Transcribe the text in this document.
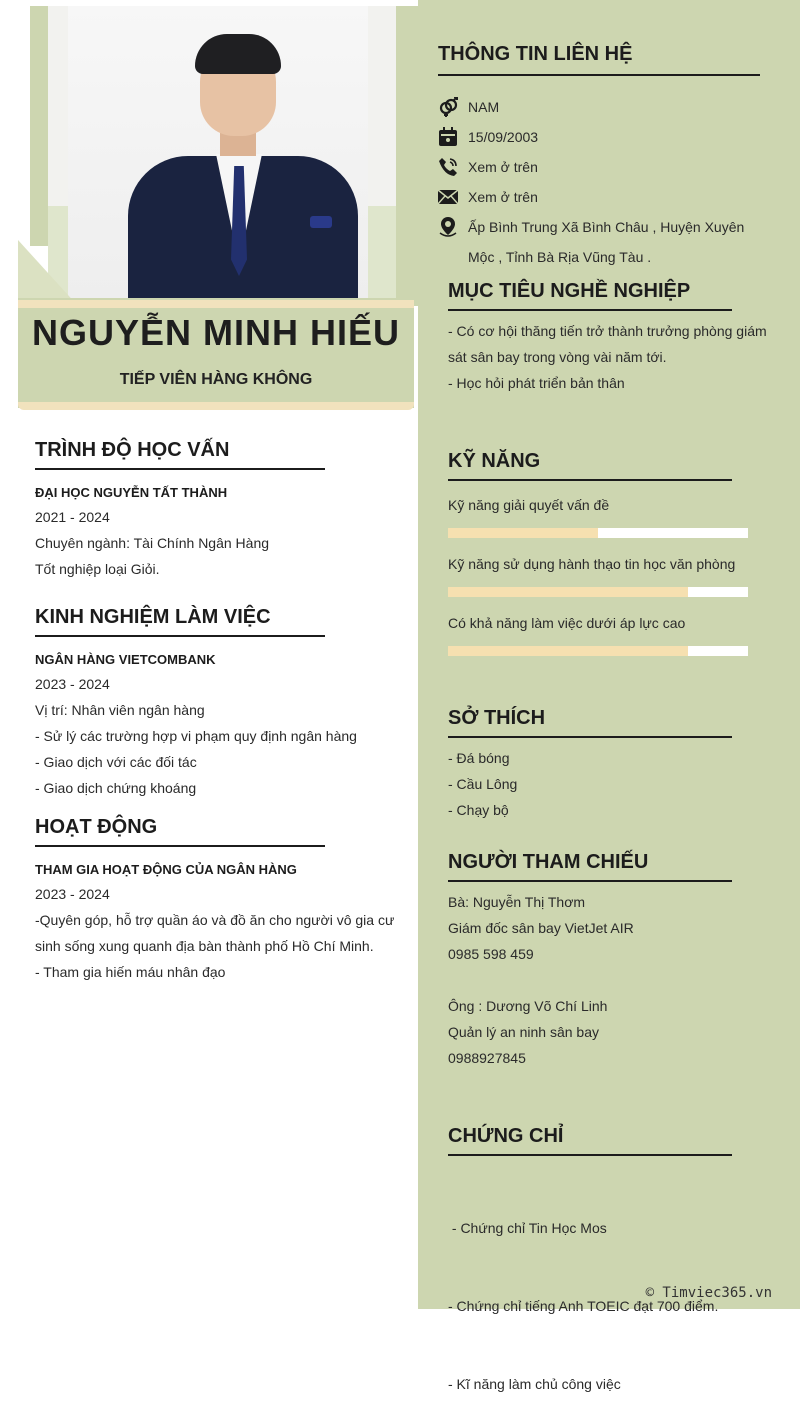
NGUYỄN MINH HIẾU
TIẾP VIÊN HÀNG KHÔNG
THÔNG TIN LIÊN HỆ
NAM
15/09/2003
Xem ở trên
Xem ở trên
Ấp Bình Trung Xã Bình Châu , Huyện Xuyên
Mộc , Tỉnh Bà Rịa Vũng Tàu .
MỤC TIÊU NGHỀ NGHIỆP
- Có cơ hội thăng tiến trở thành trưởng phòng giám
sát sân bay trong vòng vài năm tới.
- Học hỏi phát triển bản thân
KỸ NĂNG
Kỹ năng giải quyết vấn đề
Kỹ năng sử dụng hành thạo tin học văn phòng
Có khả năng làm việc dưới áp lực cao
SỞ THÍCH
- Đá bóng
- Cầu Lông
- Chạy bộ
NGƯỜI THAM CHIẾU
Bà: Nguyễn Thị Thơm
Giám đốc sân bay VietJet AIR
0985 598 459
Ông : Dương Võ Chí Linh
Quản lý an ninh sân bay
0988927845
CHỨNG CHỈ

- Chứng chỉ Tin Học Mos

- Chứng chỉ tiếng Anh TOEIC đạt 700 điểm.

- Kĩ năng làm chủ công việc

TRÌNH ĐỘ HỌC VẤN
ĐẠI HỌC NGUYỄN TẤT THÀNH
2021 - 2024
Chuyên ngành: Tài Chính Ngân Hàng
Tốt nghiệp loại Giỏi.
KINH NGHIỆM LÀM VIỆC
NGÂN HÀNG VIETCOMBANK
2023 - 2024
Vị trí: Nhân viên ngân hàng
- Sử lý các trường hợp vi phạm quy định ngân hàng
- Giao dịch với các đối tác
- Giao dịch chứng khoáng
HOẠT ĐỘNG
THAM GIA HOẠT ĐỘNG CỦA NGÂN HÀNG
2023 - 2024
-Quyên góp, hỗ trợ quần áo và đồ ăn cho người vô gia cư
sinh sống xung quanh địa bàn thành phố Hồ Chí Minh.
- Tham gia hiến máu nhân đạo
© Timviec365.vn
